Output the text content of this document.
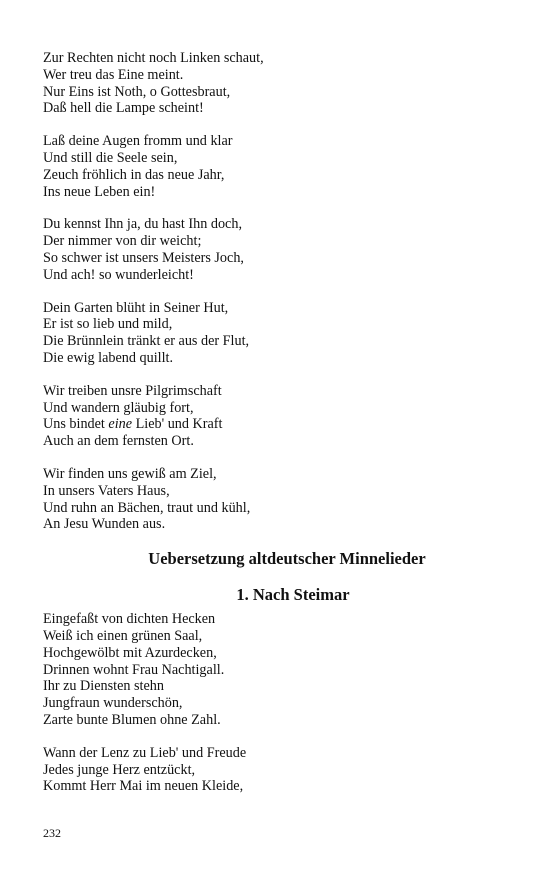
Zur Rechten nicht noch Linken schaut,
Wer treu das Eine meint.
Nur Eins ist Noth, o Gottesbraut,
Daß hell die Lampe scheint!
Laß deine Augen fromm und klar
Und still die Seele sein,
Zeuch fröhlich in das neue Jahr,
Ins neue Leben ein!
Du kennst Ihn ja, du hast Ihn doch,
Der nimmer von dir weicht;
So schwer ist unsers Meisters Joch,
Und ach! so wunderleicht!
Dein Garten blüht in Seiner Hut,
Er ist so lieb und mild,
Die Brünnlein tränkt er aus der Flut,
Die ewig labend quillt.
Wir treiben unsre Pilgrimschaft
Und wandern gläubig fort,
Uns bindet eine Lieb' und Kraft
Auch an dem fernsten Ort.
Wir finden uns gewiß am Ziel,
In unsers Vaters Haus,
Und ruhn an Bächen, traut und kühl,
An Jesu Wunden aus.
Uebersetzung altdeutscher Minnelieder
1. Nach Steimar
Eingefaßt von dichten Hecken
Weiß ich einen grünen Saal,
Hochgewölbt mit Azurdecken,
Drinnen wohnt Frau Nachtigall.
Ihr zu Diensten stehn
Jungfraun wunderschön,
Zarte bunte Blumen ohne Zahl.
Wann der Lenz zu Lieb' und Freude
Jedes junge Herz entzückt,
Kommt Herr Mai im neuen Kleide,
232
